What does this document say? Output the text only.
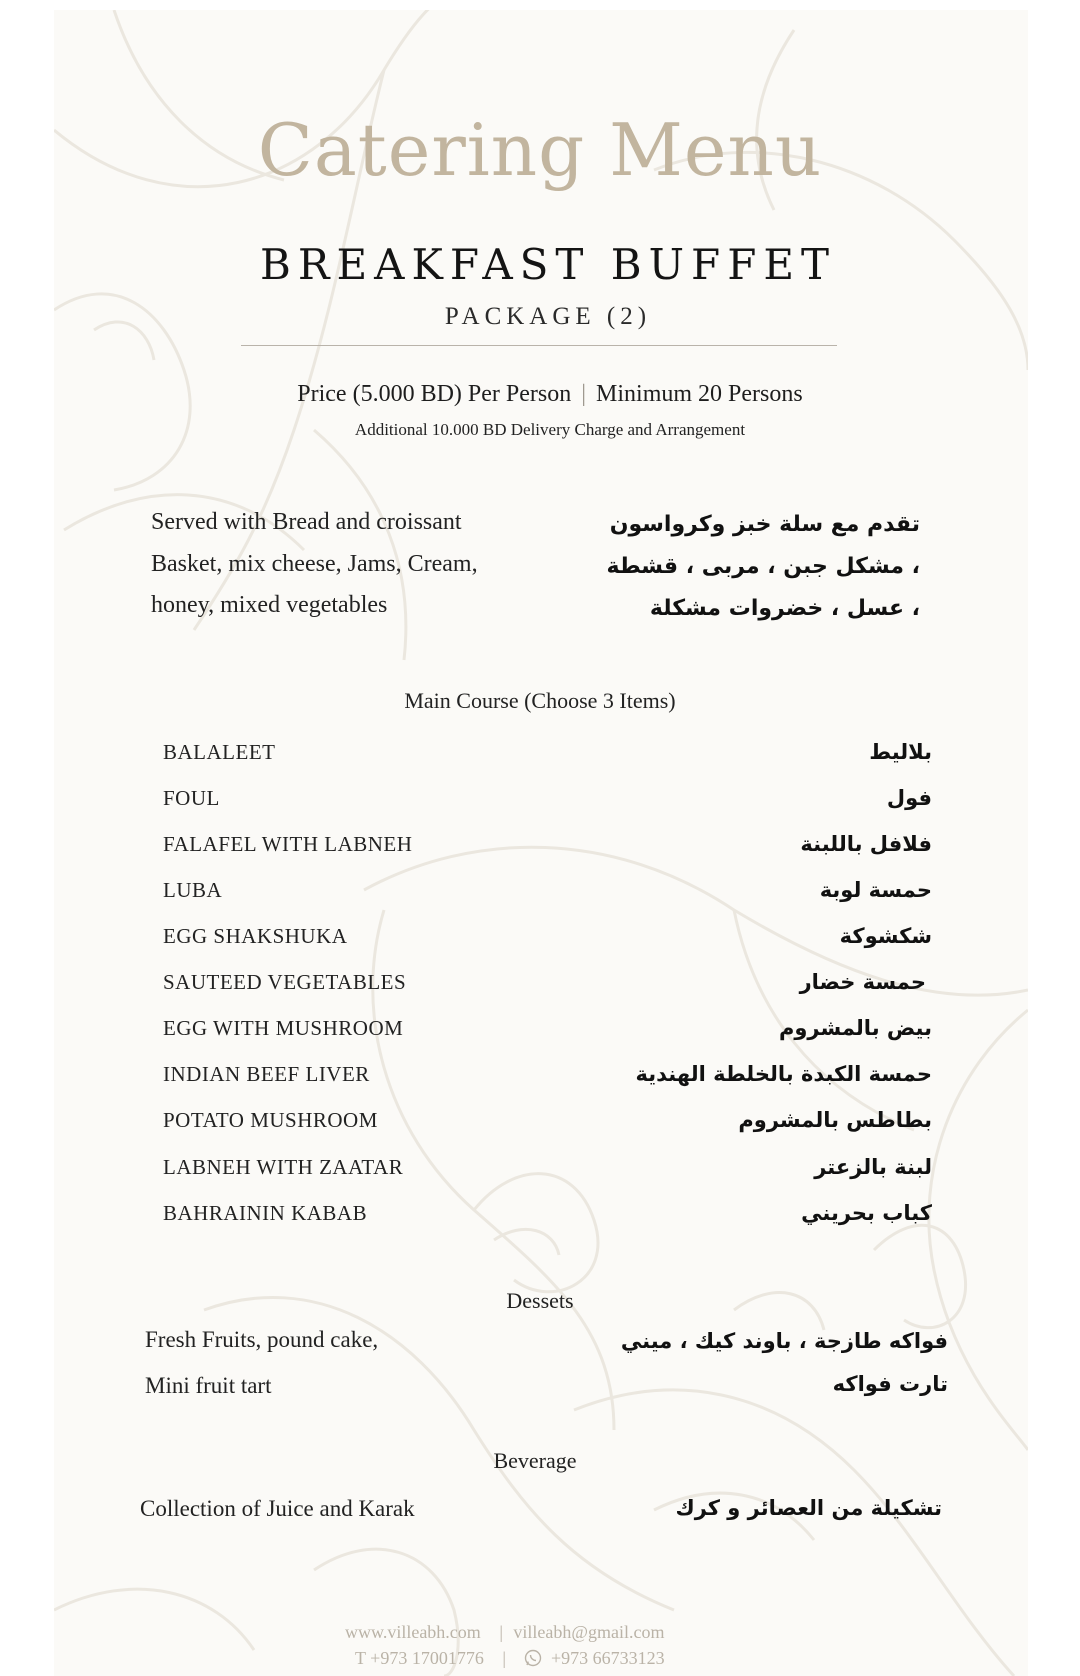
Catering Menu
BREAKFAST BUFFET
PACKAGE (2)
Price (5.000 BD) Per Person | Minimum 20 Persons
Additional 10.000 BD Delivery Charge and Arrangement
Served with Bread and croissant
Basket, mix cheese, Jams, Cream,
honey, mixed vegetables
تقدم مع سلة خبز وكرواسون
، مشكل جبن ، مربى ، قشطة
، عسل ، خضروات مشكلة
Main Course (Choose 3 Items)
BALALEET	بلاليط
FOUL	فول
FALAFEL WITH LABNEH	فلافل باللبنة
LUBA	حمسة لوبة
EGG SHAKSHUKA	شكشوكة
SAUTEED VEGETABLES	حمسة خضار
EGG WITH MUSHROOM	بيض بالمشروم
INDIAN BEEF LIVER	حمسة الكبدة بالخلطة الهندية
POTATO MUSHROOM	بطاطس بالمشروم
LABNEH WITH ZAATAR	لبنة بالزعتر
BAHRAININ KABAB	كباب بحريني
Dessets
Fresh Fruits, pound cake,
Mini fruit tart
فواكه طازجة ، باوند كيك ، ميني
تارت فواكه
Beverage
Collection of Juice and Karak	تشكيلة من العصائر و كرك
www.villeabh.com | villeabh@gmail.com
T +973 17001776 |	+973 66733123
